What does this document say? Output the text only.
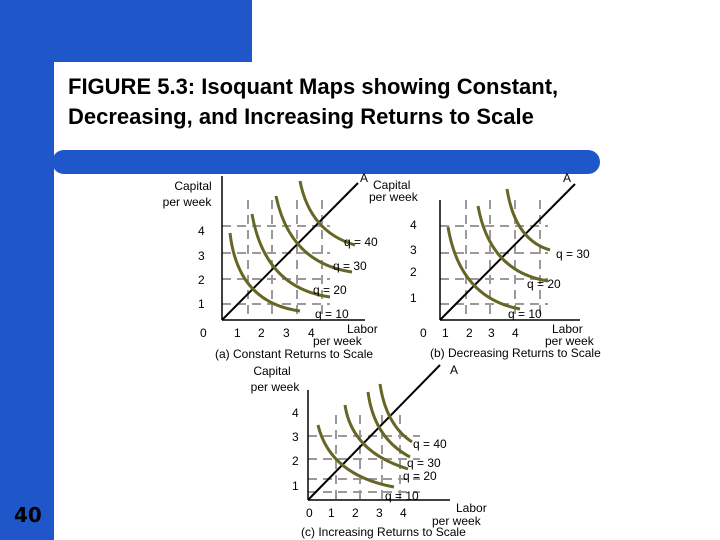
FIGURE 5.3: Isoquant Maps showing Constant,
Decreasing, and Increasing Returns to Scale
40
A
Capital
per week
4
3
2
1
0 1 2 3 4
q = 10
q = 20
q = 30
q = 40
Labor
per week
(a) Constant Returns to Scale
A
Capital
per week
4
3
2
1
0 1 2 3 4
q = 10
q = 20
q = 30
Labor
per week
(b) Decreasing Returns to Scale
A
Capital
per week
4
3
2
1
0 1 2 3 4
q = 10
q = 20
q = 30
q = 40
Labor
per week
(c) Increasing Returns to Scale
